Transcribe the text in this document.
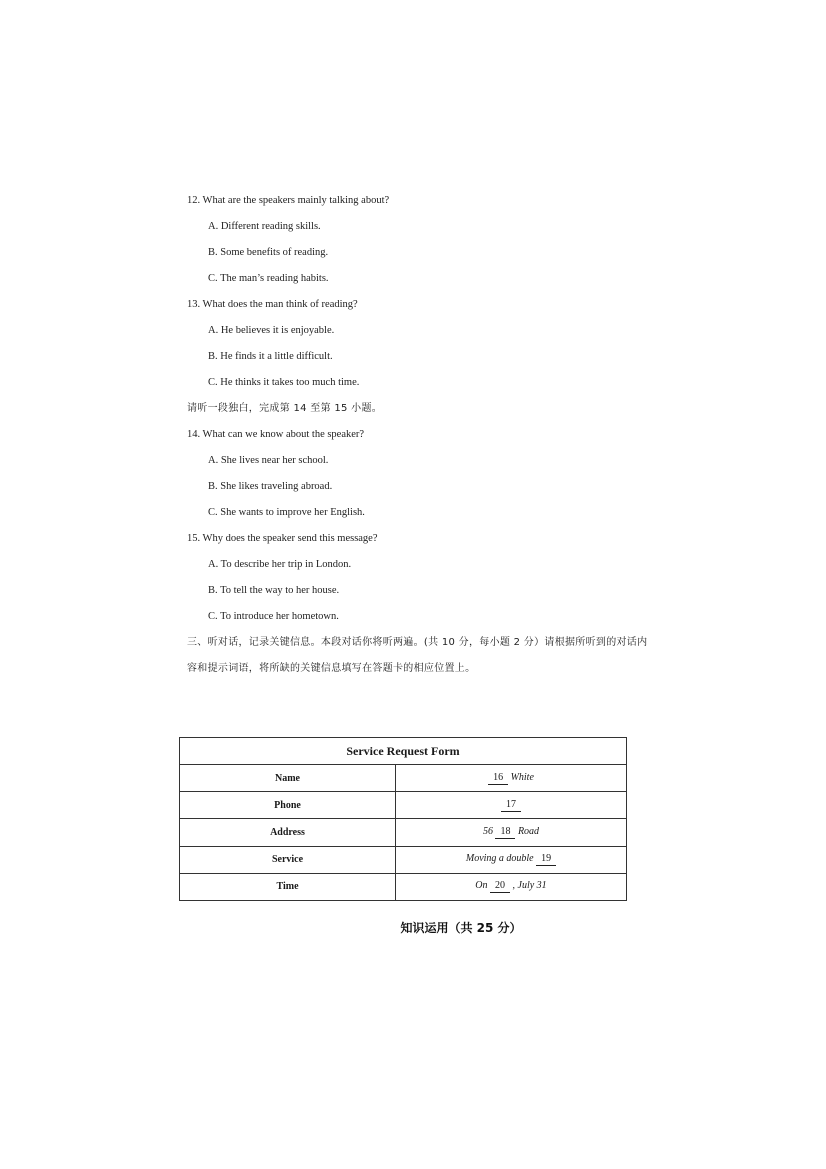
12. What are the speakers mainly talking about?
A. Different reading skills.
B. Some benefits of reading.
C. The man’s reading habits.
13. What does the man think of reading?
A. He believes it is enjoyable.
B. He finds it a little difficult.
C. He thinks it takes too much time.
请听一段独白，完成第 14 至第 15 小题。
14. What can we know about the speaker?
A. She lives near her school.
B. She likes traveling abroad.
C. She wants to improve her English.
15. Why does the speaker send this message?
A. To describe her trip in London.
B. To tell the way to her house.
C. To introduce her hometown.
三、听对话，记录关键信息。本段对话你将听两遍。(共 10 分，每小题 2 分）请根据所听到的对话内
容和提示词语，将所缺的关键信息填写在答题卡的相应位置上。
Service Request Form	
Name	16 White
Phone	17
Address	56 18 Road
Service	Moving a double 19
Time	On 20 , July 31
知识运用（共 25 分）
